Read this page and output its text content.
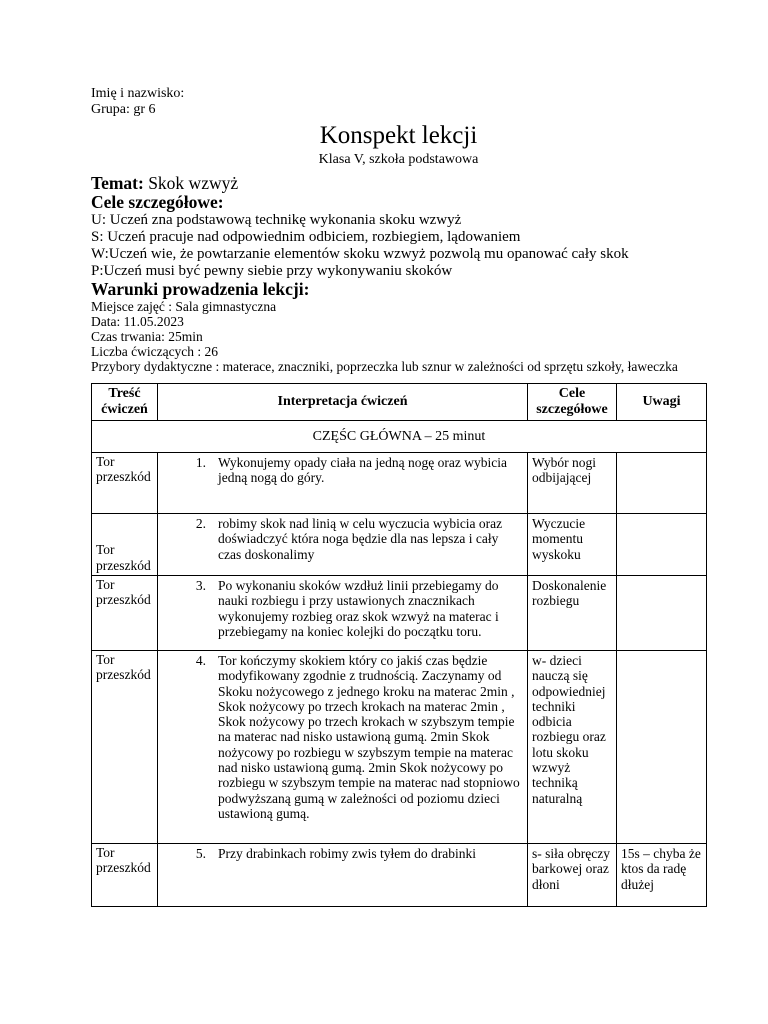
Imię i nazwisko:
Grupa: gr 6
Konspekt lekcji
Klasa V, szkoła podstawowa
Temat: Skok wzwyż
Cele szczegółowe:
U: Uczeń zna podstawową technikę wykonania skoku wzwyż
S: Uczeń pracuje nad odpowiednim odbiciem, rozbiegiem, lądowaniem
W:Uczeń wie, że powtarzanie elementów skoku wzwyż pozwolą mu opanować cały skok
P:Uczeń musi być pewny siebie przy wykonywaniu skoków
Warunki prowadzenia lekcji:
Miejsce zajęć : Sala gimnastyczna
Data: 11.05.2023
Czas trwania: 25min
Liczba ćwiczących : 26
Przybory dydaktyczne : materace, znaczniki, poprzeczka lub sznur w zależności od sprzętu szkoły, ławeczka
Treść ćwiczeń	Interpretacja ćwiczeń	Cele szczegółowe	Uwagi
CZĘŚC GŁÓWNA – 25 minut			
Tor przeszkód	1. Wykonujemy opady ciała na jedną nogę oraz wybicia jedną nogą do góry.	Wybór nogi odbijającej	
Tor przeszkód	2. robimy skok nad linią w celu wyczucia wybicia oraz doświadczyć która noga będzie dla nas lepsza i cały czas doskonalimy	Wyczucie momentu wyskoku	
Tor przeszkód	3. Po wykonaniu skoków wzdłuż linii przebiegamy do nauki rozbiegu i przy ustawionych znacznikach wykonujemy rozbieg oraz skok wzwyż na materac i przebiegamy na koniec kolejki do początku toru.	Doskonalenie rozbiegu	
Tor przeszkód	4. Tor kończymy skokiem który co jakiś czas będzie modyfikowany zgodnie z trudnością. Zaczynamy od Skoku nożycowego z jednego kroku na materac 2min , Skok nożycowy po trzech krokach na materac 2min , Skok nożycowy po trzech krokach w szybszym tempie na materac nad nisko ustawioną gumą. 2min Skok nożycowy po rozbiegu w szybszym tempie na materac nad nisko ustawioną gumą. 2min Skok nożycowy po rozbiegu w szybszym tempie na materac nad stopniowo podwyższaną gumą w zależności od poziomu dzieci ustawioną gumą.	w- dzieci nauczą się odpowiedniej techniki odbicia rozbiegu oraz lotu skoku wzwyż techniką naturalną	
Tor przeszkód	5. Przy drabinkach robimy zwis tyłem do drabinki	s- siła obręczy barkowej oraz dłoni	15s – chyba że ktos da radę dłużej
